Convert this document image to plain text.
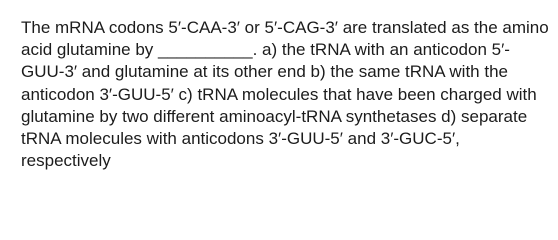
The mRNA codons 5′-CAA-3′ or 5′-CAG-3′ are translated as the amino acid glutamine by __________. a) the tRNA with an anticodon 5′-GUU-3′ and glutamine at its other end b) the same tRNA with the anticodon 3′-GUU-5′ c) tRNA molecules that have been charged with glutamine by two different aminoacyl-tRNA synthetases d) separate tRNA molecules with anticodons 3′-GUU-5′ and 3′-GUC-5′, respectively
